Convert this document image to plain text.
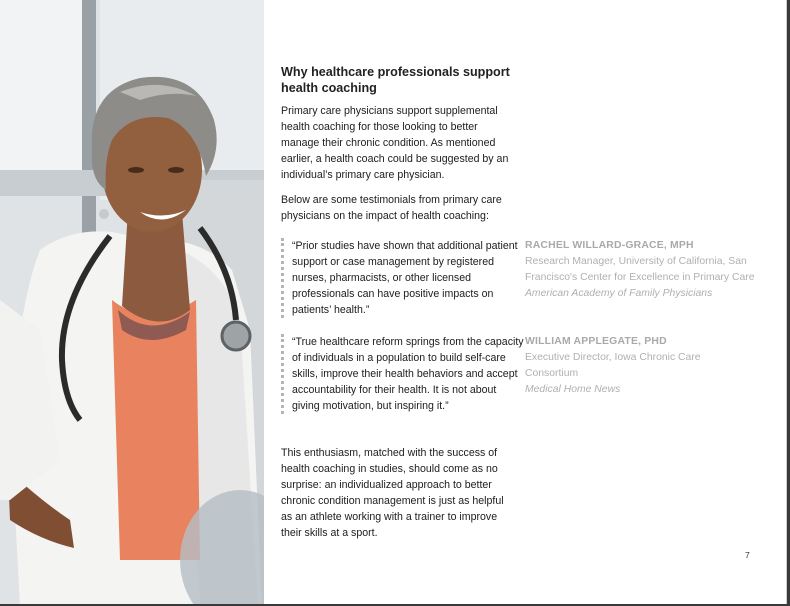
Why healthcare professionals support health coaching
Primary care physicians support supplemental health coaching for those looking to better manage their chronic condition. As mentioned earlier, a health coach could be suggested by an individual’s primary care physician.
Below are some testimonials from primary care physicians on the impact of health coaching:
“Prior studies have shown that additional patient support or case management by registered nurses, pharmacists, or other licensed professionals can have positive impacts on patients’ health.”
“True healthcare reform springs from the capacity of individuals in a population to build self-care skills, improve their health behaviors and accept accountability for their health. It is not about giving motivation, but inspiring it.”
RACHEL WILLARD-GRACE, MPH
Research Manager, University of California, San Francisco's Center for Excellence in Primary Care
American Academy of Family Physicians
WILLIAM APPLEGATE, PHD
Executive Director, Iowa Chronic Care Consortium
Medical Home News
This enthusiasm, matched with the success of health coaching in studies, should come as no surprise: an individualized approach to better chronic condition management is just as helpful as an athlete working with a trainer to improve their skills at a sport.
7
